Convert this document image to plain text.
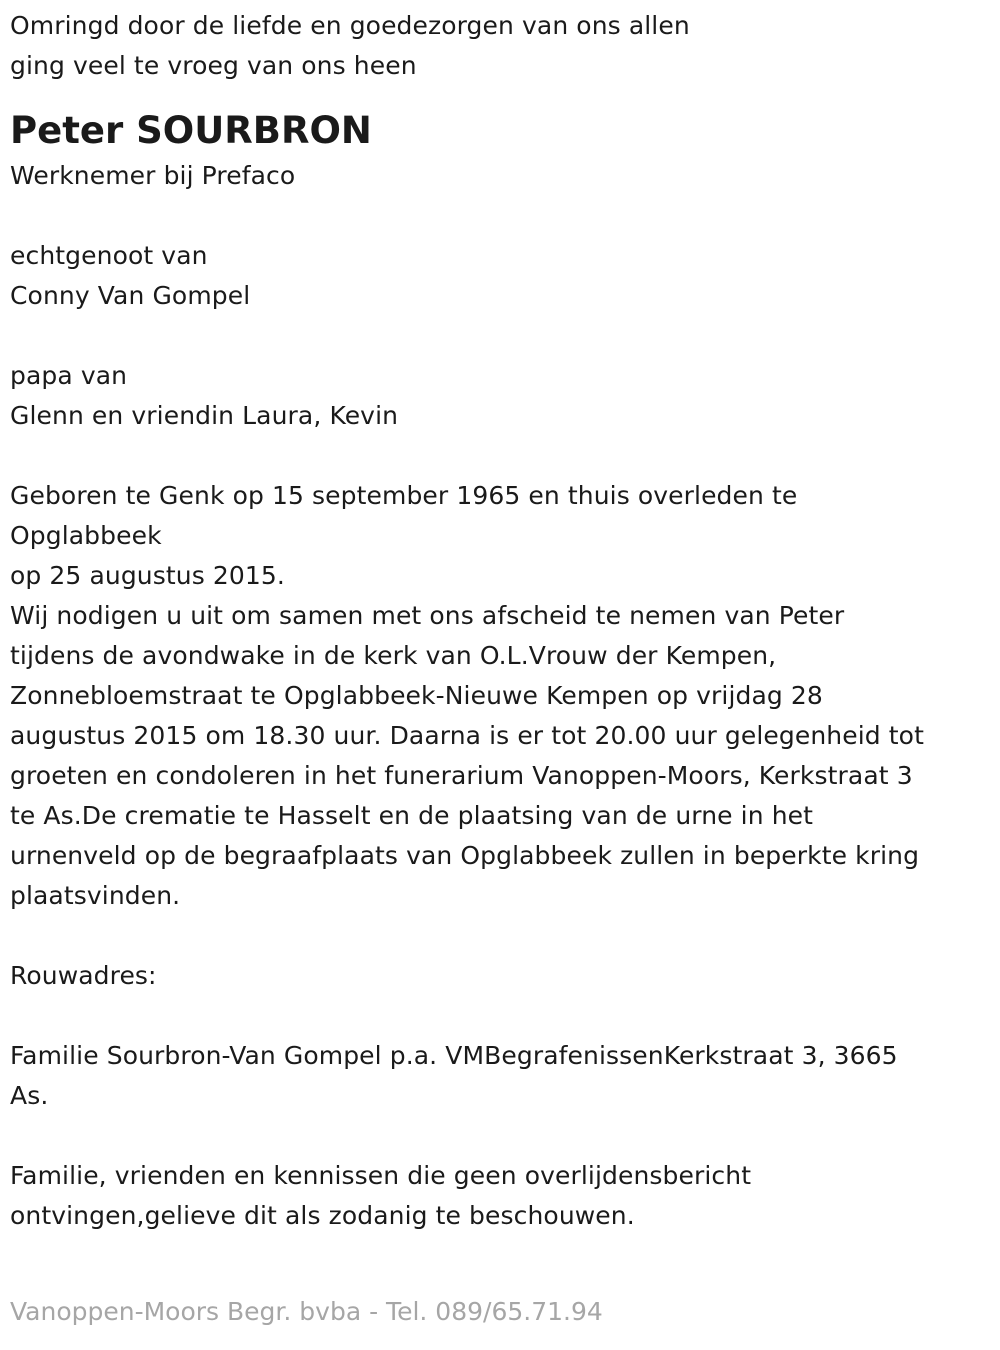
Omringd door de liefde en goedezorgen van ons allen
ging veel te vroeg van ons heen
Peter SOURBRON
Werknemer bij Prefaco
echtgenoot van
Conny Van Gompel
papa van
Glenn en vriendin Laura, Kevin
Geboren te Genk op 15 september 1965 en thuis overleden te
Opglabbeek
op 25 augustus 2015.
Wij nodigen u uit om samen met ons afscheid te nemen van Peter
tijdens de avondwake in de kerk van O.L.Vrouw der Kempen,
Zonnebloemstraat te Opglabbeek-Nieuwe Kempen op vrijdag 28
augustus 2015 om 18.30 uur. Daarna is er tot 20.00 uur gelegenheid tot
groeten en condoleren in het funerarium Vanoppen-Moors, Kerkstraat 3
te As.De crematie te Hasselt en de plaatsing van de urne in het
urnenveld op de begraafplaats van Opglabbeek zullen in beperkte kring
plaatsvinden.
Rouwadres:
Familie Sourbron-Van Gompel p.a. VMBegrafenissenKerkstraat 3, 3665
As.
Familie, vrienden en kennissen die geen overlijdensbericht
ontvingen,gelieve dit als zodanig te beschouwen.
Vanoppen-Moors Begr. bvba - Tel. 089/65.71.94
